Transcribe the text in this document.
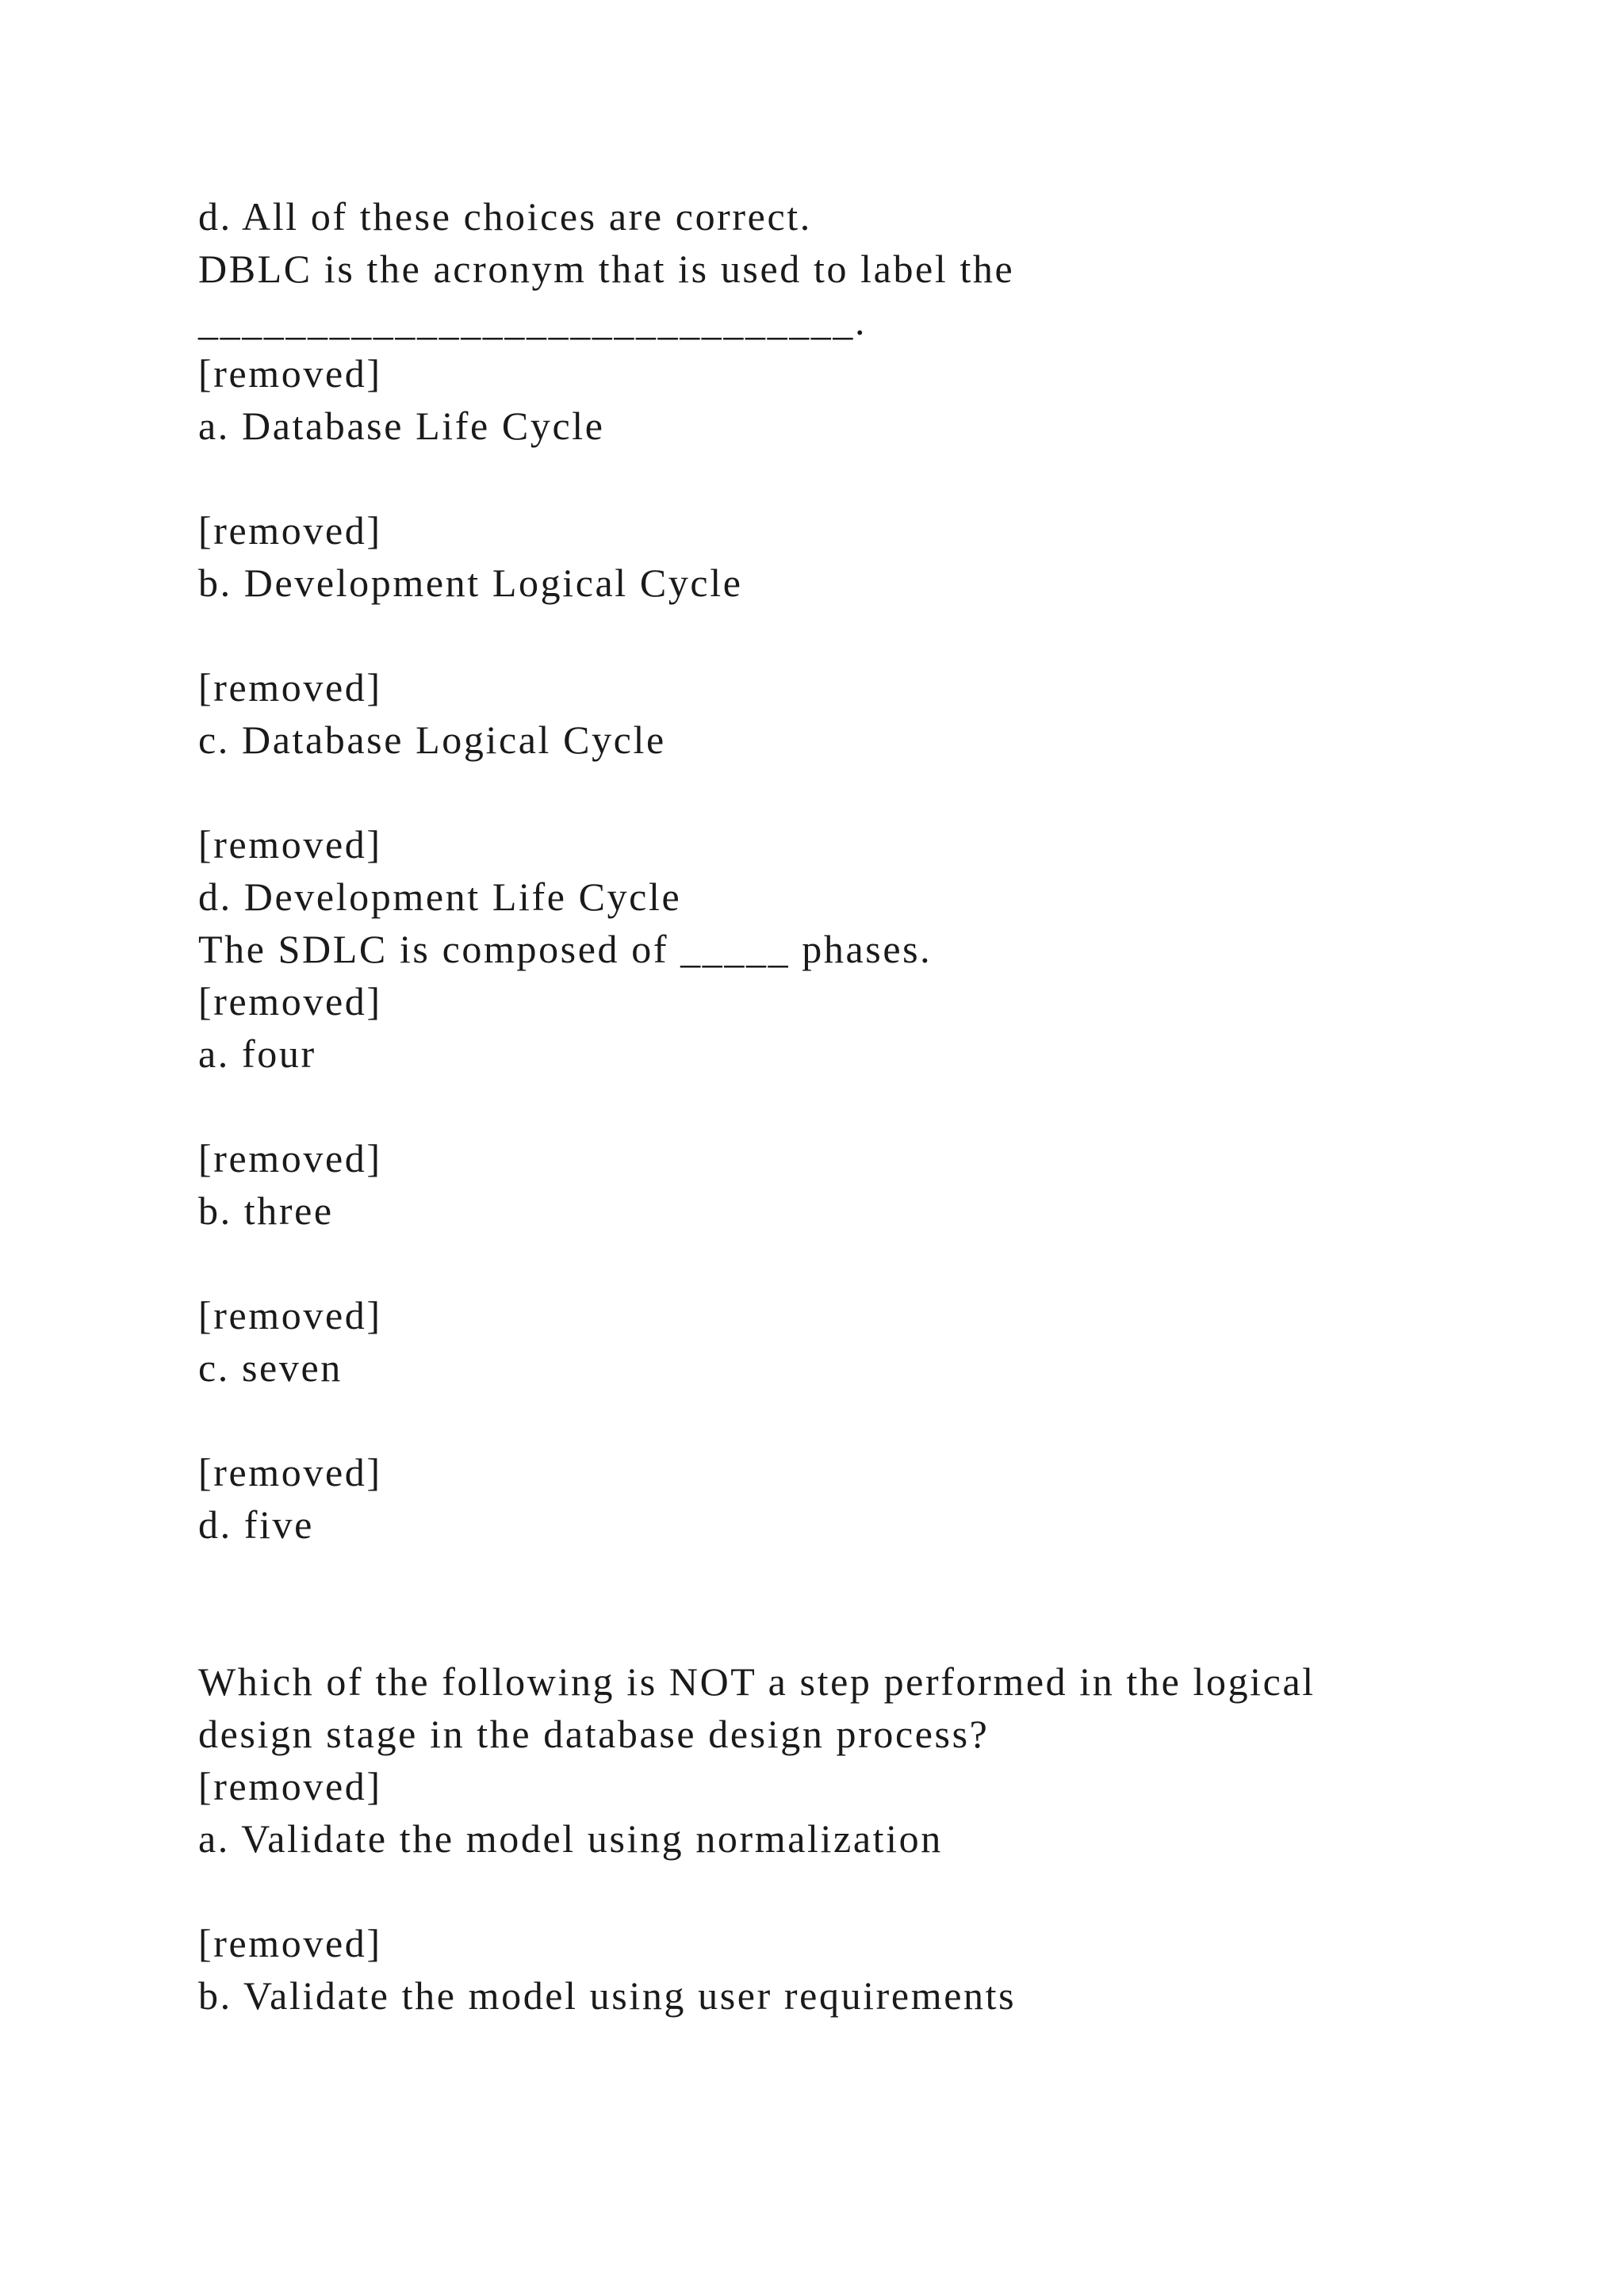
d. All of these choices are correct.
DBLC is the acronym that is used to label the
______________________________.
[removed]
a. Database Life Cycle
[removed]
b. Development Logical Cycle
[removed]
c. Database Logical Cycle
[removed]
d. Development Life Cycle
The SDLC is composed of _____ phases.
[removed]
a. four
[removed]
b. three
[removed]
c. seven
[removed]
d. five
Which of the following is NOT a step performed in the logical
design stage in the database design process?
[removed]
a. Validate the model using normalization
[removed]
b. Validate the model using user requirements
